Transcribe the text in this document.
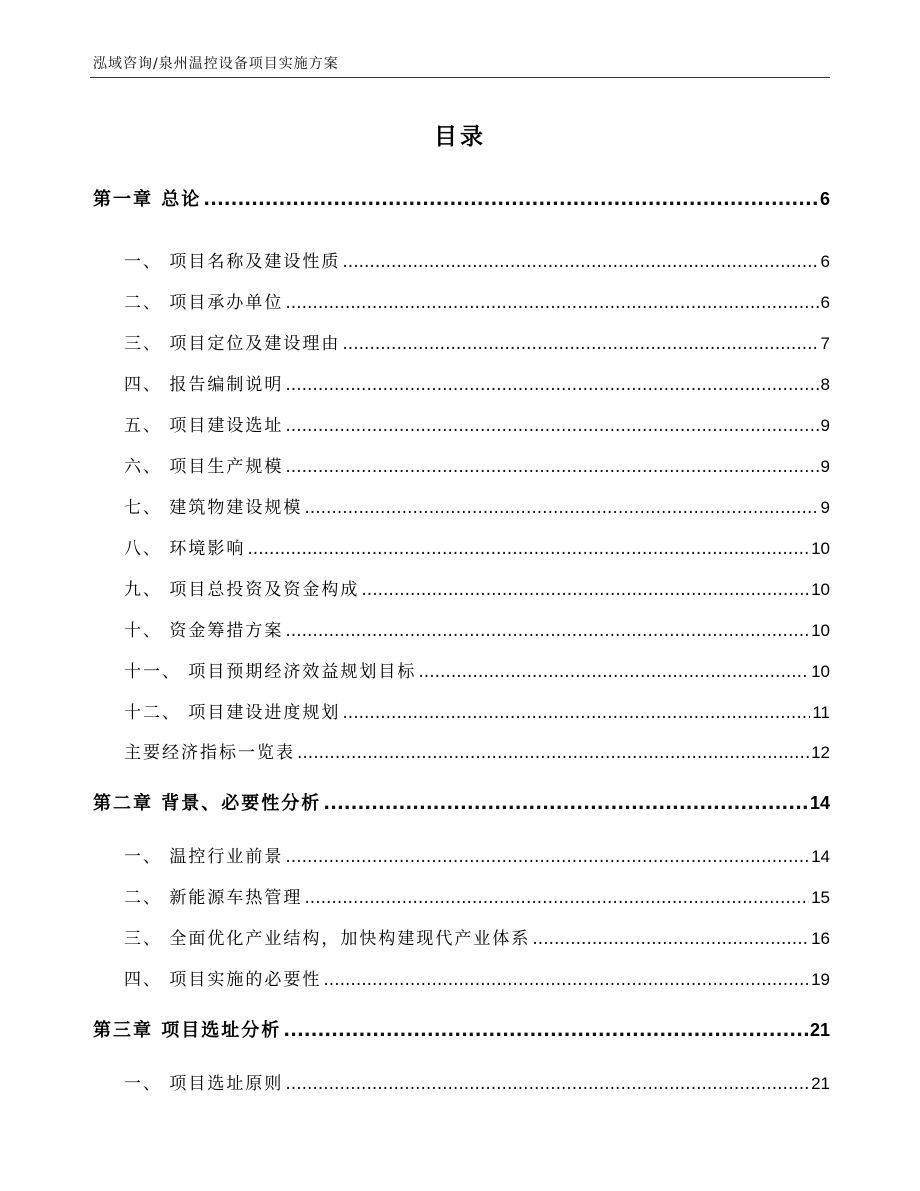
泓域咨询/泉州温控设备项目实施方案
目录
第一章 总论 .....	6
一、 项目名称及建设性质 .....	6
二、 项目承办单位 .....	6
三、 项目定位及建设理由 .....	7
四、 报告编制说明 .....	8
五、 项目建设选址 .....	9
六、 项目生产规模 .....	9
七、 建筑物建设规模 .....	9
八、 环境影响 .....	10
九、 项目总投资及资金构成 .....	10
十、 资金筹措方案 .....	10
十一、 项目预期经济效益规划目标 .....	10
十二、 项目建设进度规划 .....	11
主要经济指标一览表 .....	12
第二章 背景、必要性分析 .....	14
一、 温控行业前景 .....	14
二、 新能源车热管理 .....	15
三、 全面优化产业结构，加快构建现代产业体系 .....	16
四、 项目实施的必要性 .....	19
第三章 项目选址分析 .....	21
一、 项目选址原则 .....	21
